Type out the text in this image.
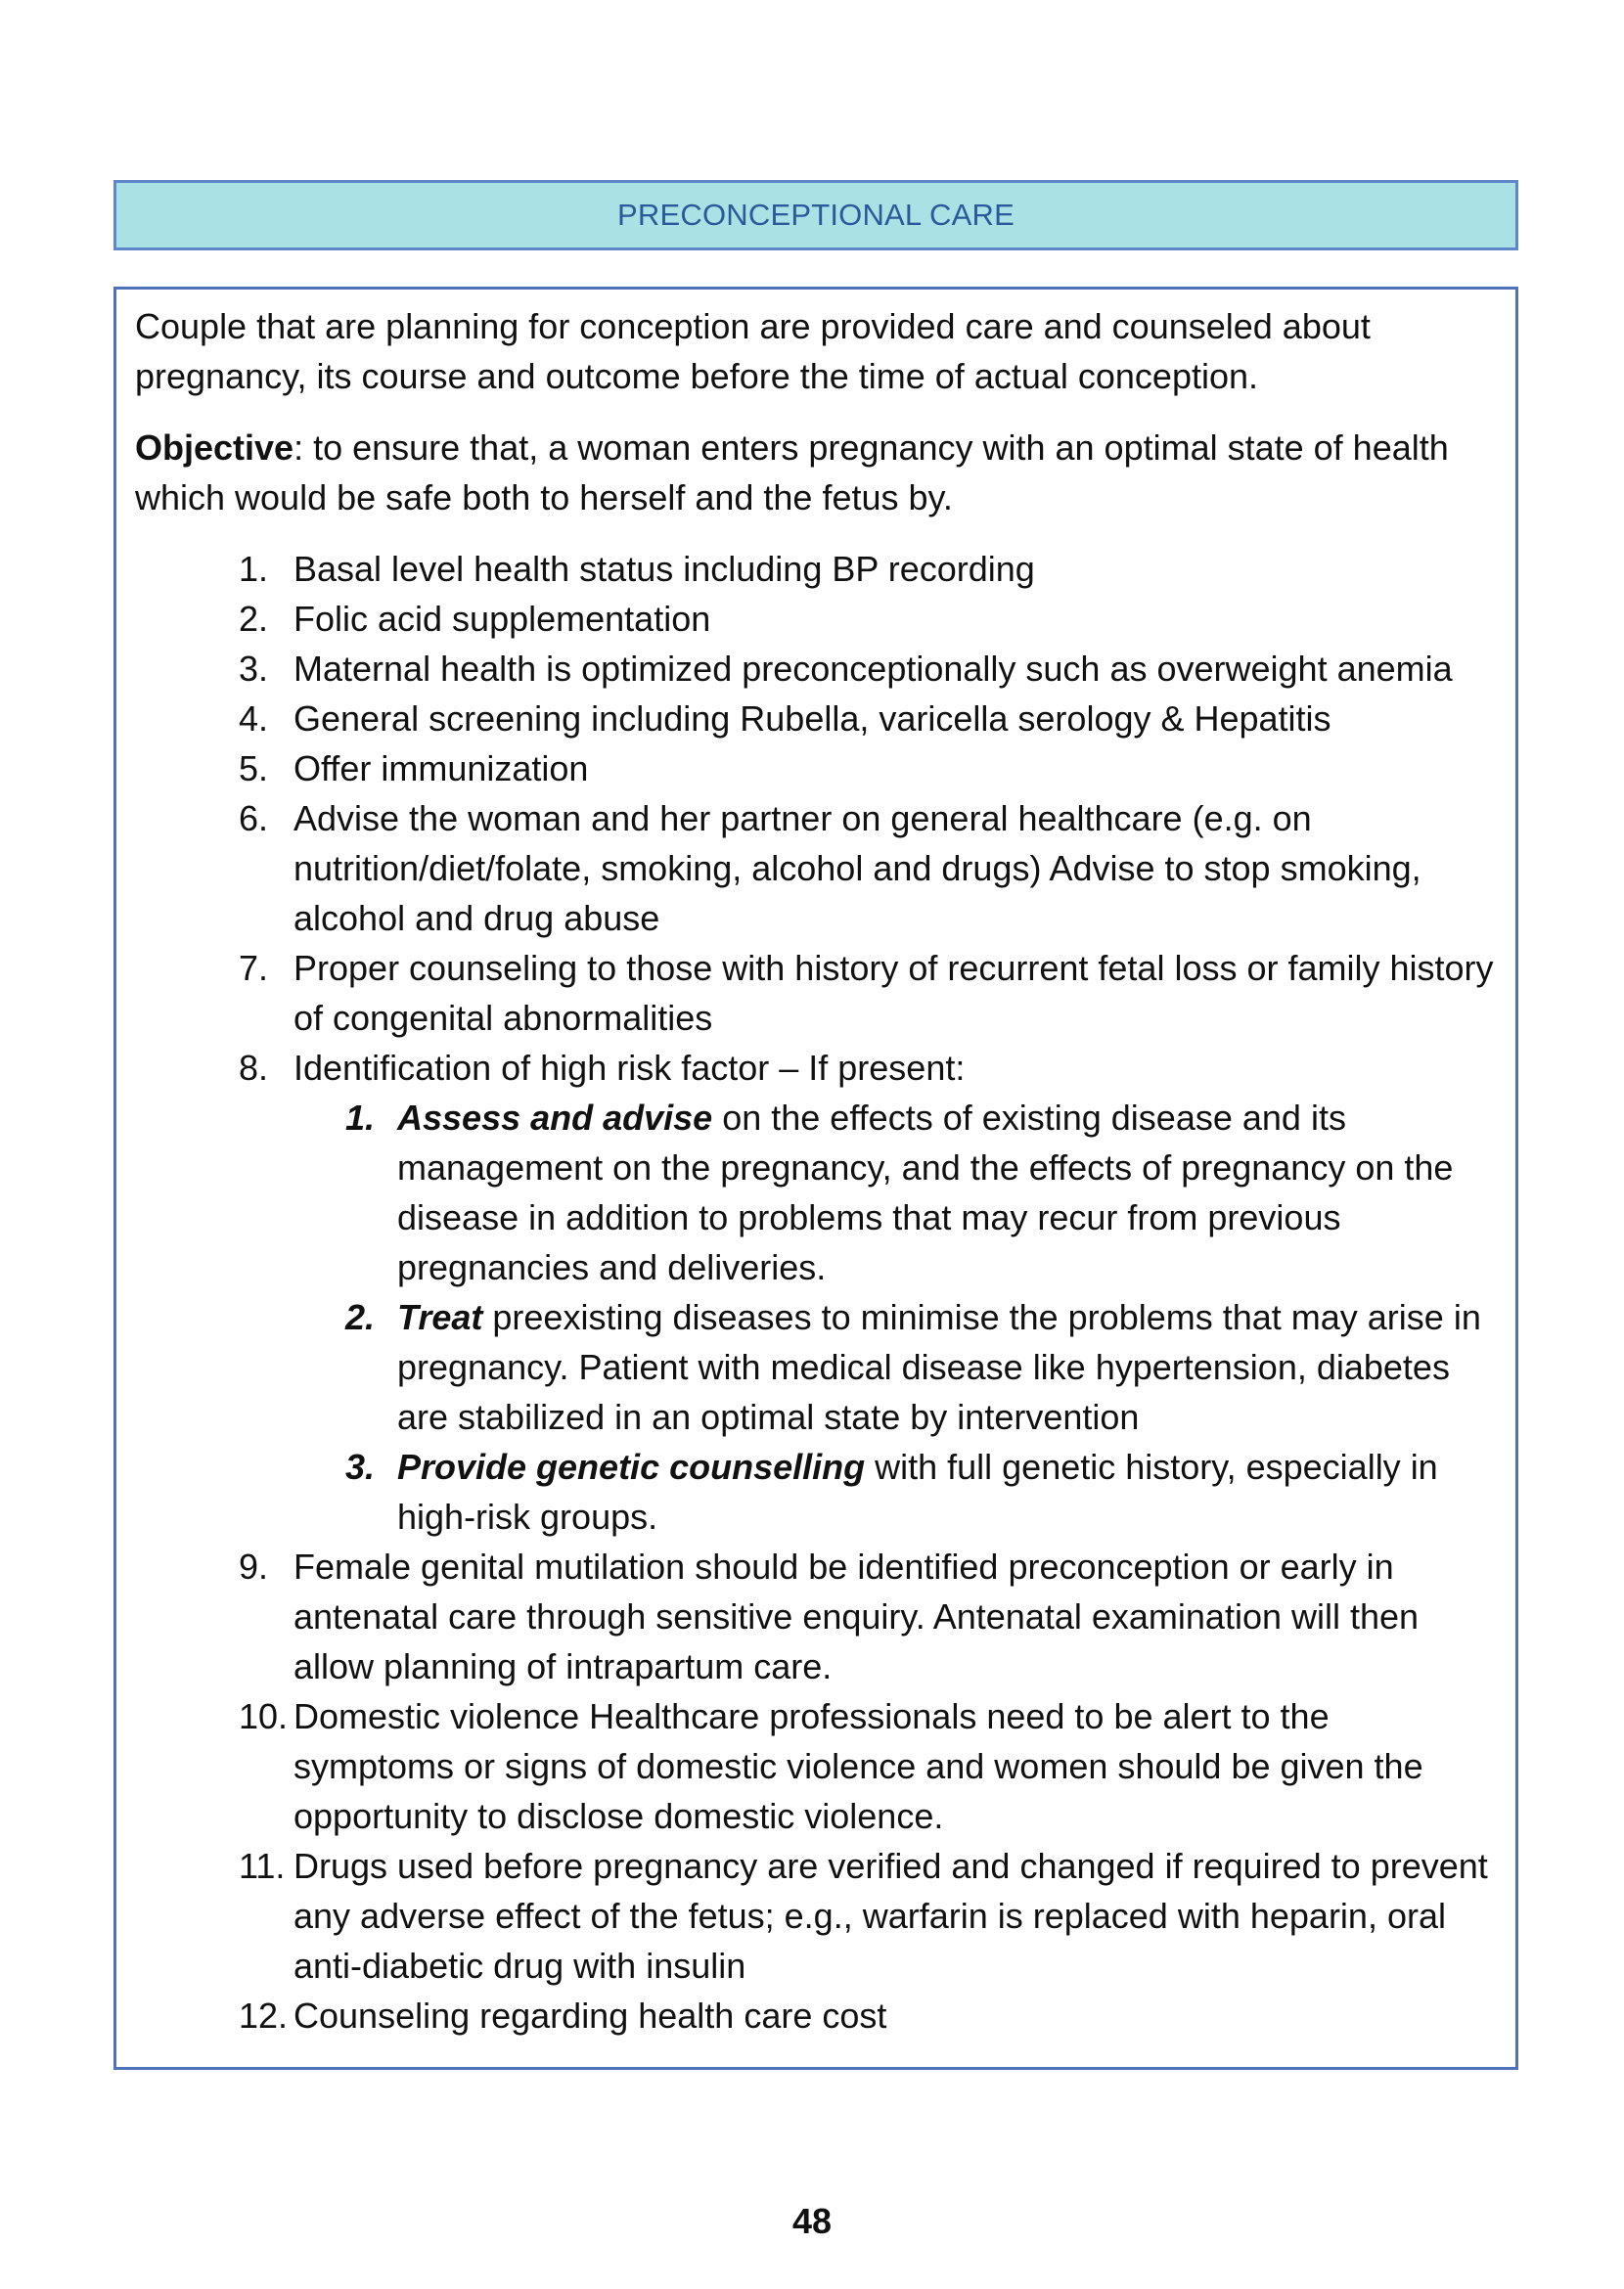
PRECONCEPTIONAL CARE

Couple that are planning for conception are provided care and counseled about pregnancy, its course and outcome before the time of actual conception.

Objective: to ensure that, a woman enters pregnancy with an optimal state of health which would be safe both to herself and the fetus by.

1. Basal level health status including BP recording
2. Folic acid supplementation
3. Maternal health is optimized preconceptionally such as overweight anemia
4. General screening including Rubella, varicella serology & Hepatitis
5. Offer immunization
6. Advise the woman and her partner on general healthcare (e.g. on nutrition/diet/folate, smoking, alcohol and drugs) Advise to stop smoking, alcohol and drug abuse
7. Proper counseling to those with history of recurrent fetal loss or family history of congenital abnormalities
8. Identification of high risk factor – If present:
1. Assess and advise on the effects of existing disease and its management on the pregnancy, and the effects of pregnancy on the disease in addition to problems that may recur from previous pregnancies and deliveries.
2. Treat preexisting diseases to minimise the problems that may arise in pregnancy. Patient with medical disease like hypertension, diabetes are stabilized in an optimal state by intervention
3. Provide genetic counselling with full genetic history, especially in high-risk groups.
9. Female genital mutilation should be identified preconception or early in antenatal care through sensitive enquiry. Antenatal examination will then allow planning of intrapartum care.
10. Domestic violence Healthcare professionals need to be alert to the symptoms or signs of domestic violence and women should be given the opportunity to disclose domestic violence.
11. Drugs used before pregnancy are verified and changed if required to prevent any adverse effect of the fetus; e.g., warfarin is replaced with heparin, oral anti-diabetic drug with insulin
12. Counseling regarding health care cost
48
